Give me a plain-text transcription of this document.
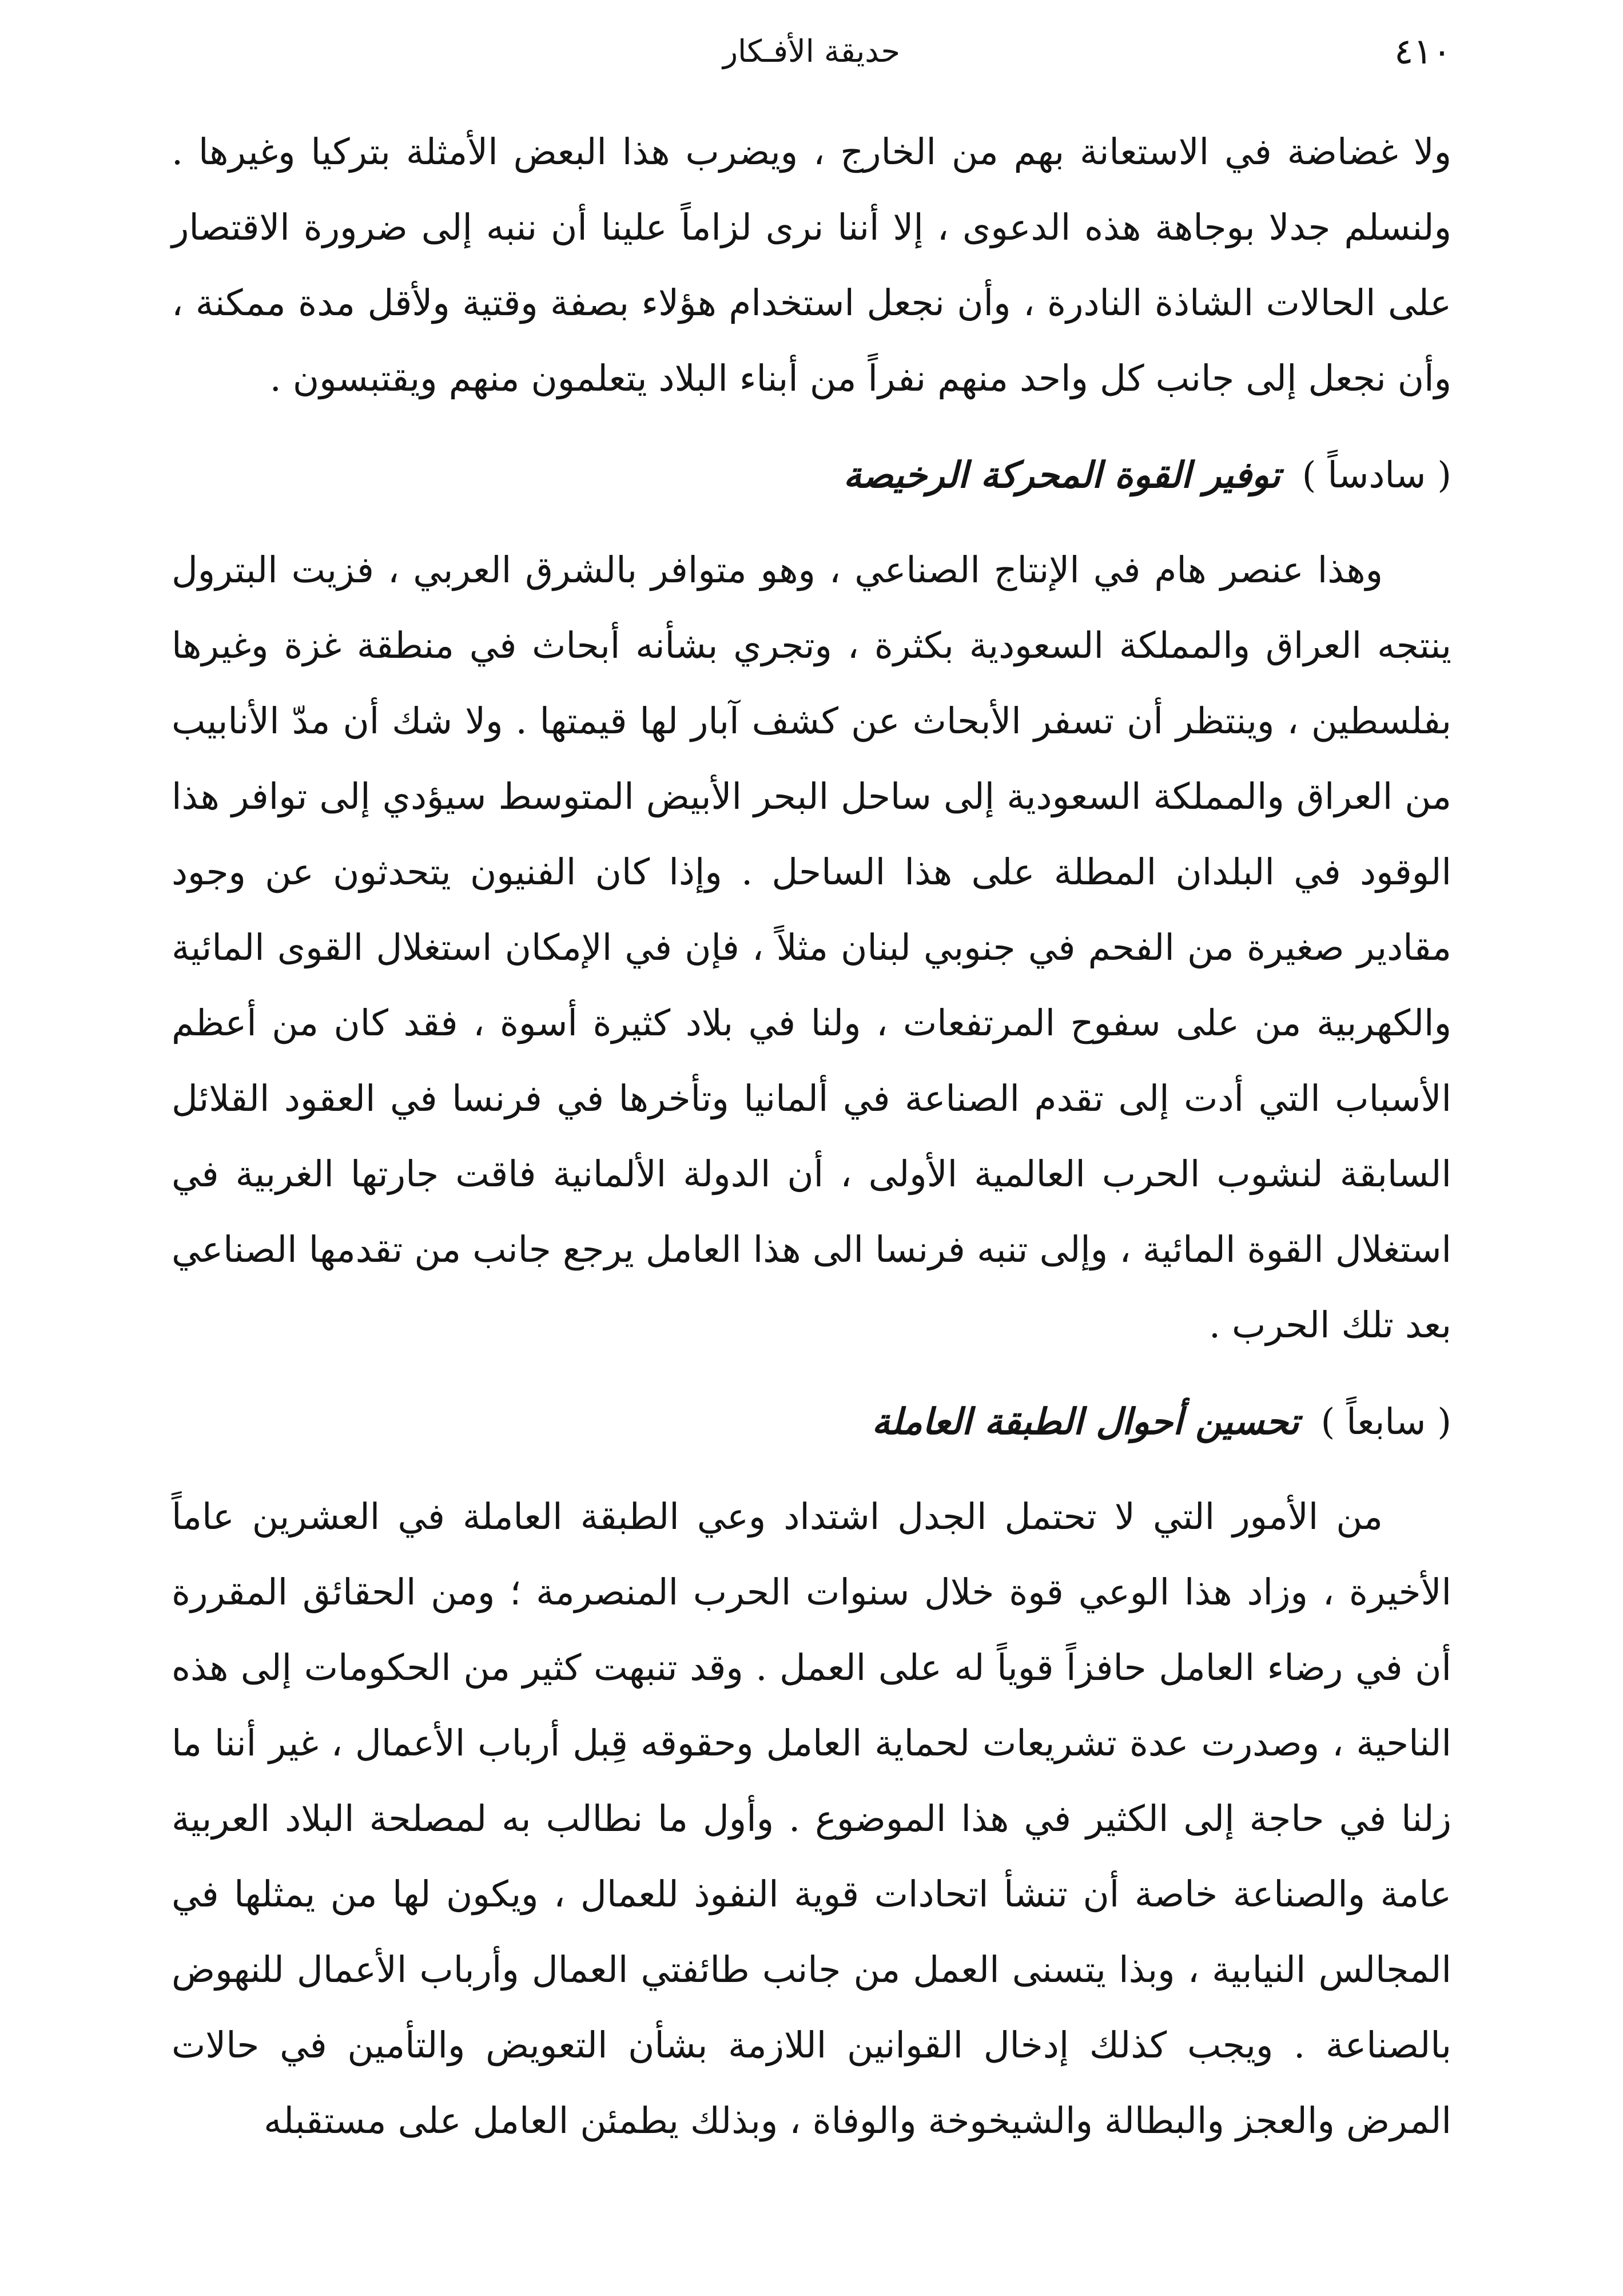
٤١٠
حديقة الأفـكار

ولا غضاضة في الاستعانة بهم من الخارج ، ويضرب هذا البعض الأمثلة بتركيا وغيرها . ولنسلم جدلا بوجاهة هذه الدعوى ، إلا أننا نرى لزاماً علينا أن ننبه إلى ضرورة الاقتصار على الحالات الشاذة النادرة ، وأن نجعل استخدام هؤلاء بصفة وقتية ولأقل مدة ممكنة ، وأن نجعل إلى جانب كل واحد منهم نفراً من أبناء البلاد يتعلمون منهم ويقتبسون .

( سادساً ) توفير القوة المحركة الرخيصة

وهذا عنصر هام في الإنتاج الصناعي ، وهو متوافر بالشرق العربي ، فزيت البترول ينتجه العراق والمملكة السعودية بكثرة ، وتجري بشأنه أبحاث في منطقة غزة وغيرها بفلسطين ، وينتظر أن تسفر الأبحاث عن كشف آبار لها قيمتها . ولا شك أن مدّ الأنابيب من العراق والمملكة السعودية إلى ساحل البحر الأبيض المتوسط سيؤدي إلى توافر هذا الوقود في البلدان المطلة على هذا الساحل . وإذا كان الفنيون يتحدثون عن وجود مقادير صغيرة من الفحم في جنوبي لبنان مثلاً ، فإن في الإمكان استغلال القوى المائية والكهربية من على سفوح المرتفعات ، ولنا في بلاد كثيرة أسوة ، فقد كان من أعظم الأسباب التي أدت إلى تقدم الصناعة في ألمانيا وتأخرها في فرنسا في العقود القلائل السابقة لنشوب الحرب العالمية الأولى ، أن الدولة الألمانية فاقت جارتها الغربية في استغلال القوة المائية ، وإلى تنبه فرنسا الى هذا العامل يرجع جانب من تقدمها الصناعي بعد تلك الحرب .

( سابعاً ) تحسين أحوال الطبقة العاملة

من الأمور التي لا تحتمل الجدل اشتداد وعي الطبقة العاملة في العشرين عاماً الأخيرة ، وزاد هذا الوعي قوة خلال سنوات الحرب المنصرمة ؛ ومن الحقائق المقررة أن في رضاء العامل حافزاً قوياً له على العمل . وقد تنبهت كثير من الحكومات إلى هذه الناحية ، وصدرت عدة تشريعات لحماية العامل وحقوقه قِبل أرباب الأعمال ، غير أننا ما زلنا في حاجة إلى الكثير في هذا الموضوع . وأول ما نطالب به لمصلحة البلاد العربية عامة والصناعة خاصة أن تنشأ اتحادات قوية النفوذ للعمال ، ويكون لها من يمثلها في المجالس النيابية ، وبذا يتسنى العمل من جانب طائفتي العمال وأرباب الأعمال للنهوض بالصناعة . ويجب كذلك إدخال القوانين اللازمة بشأن التعويض والتأمين في حالات المرض والعجز والبطالة والشيخوخة والوفاة ، وبذلك يطمئن العامل على مستقبله
